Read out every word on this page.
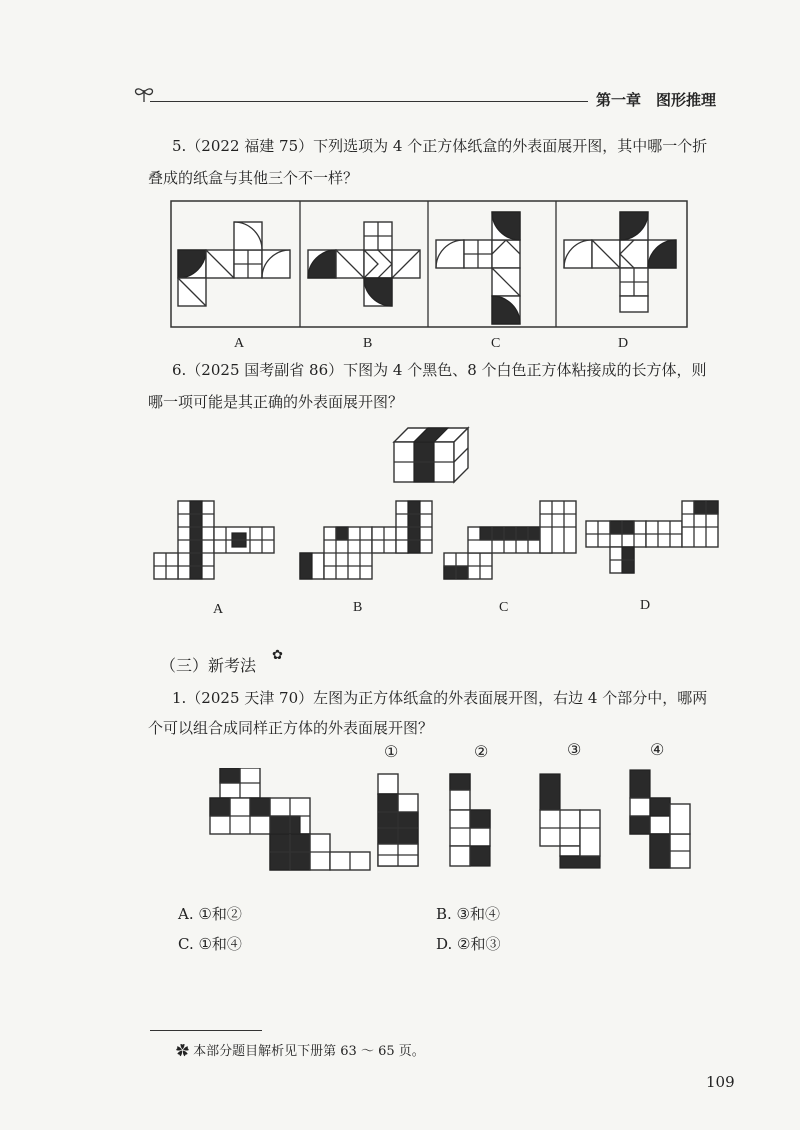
第一章 图形推理
5.（2022 福建 75）下列选项为 4 个正方体纸盒的外表面展开图，其中哪一个折
叠成的纸盒与其他三个不一样？
A	B	C	D
6.（2025 国考副省 86）下图为 4 个黑色、8 个白色正方体粘接成的长方体，则
哪一项可能是其正确的外表面展开图？
A	B	C	D
（三）新考法
✿
1.（2025 天津 70）左图为正方体纸盒的外表面展开图，右边 4 个部分中，哪两
个可以组合成同样正方体的外表面展开图？
①	②	③	④
A. ①和②	B. ③和④
C. ①和④	D. ②和③
✿ 本部分题目解析见下册第 63 ～ 65 页。
109
